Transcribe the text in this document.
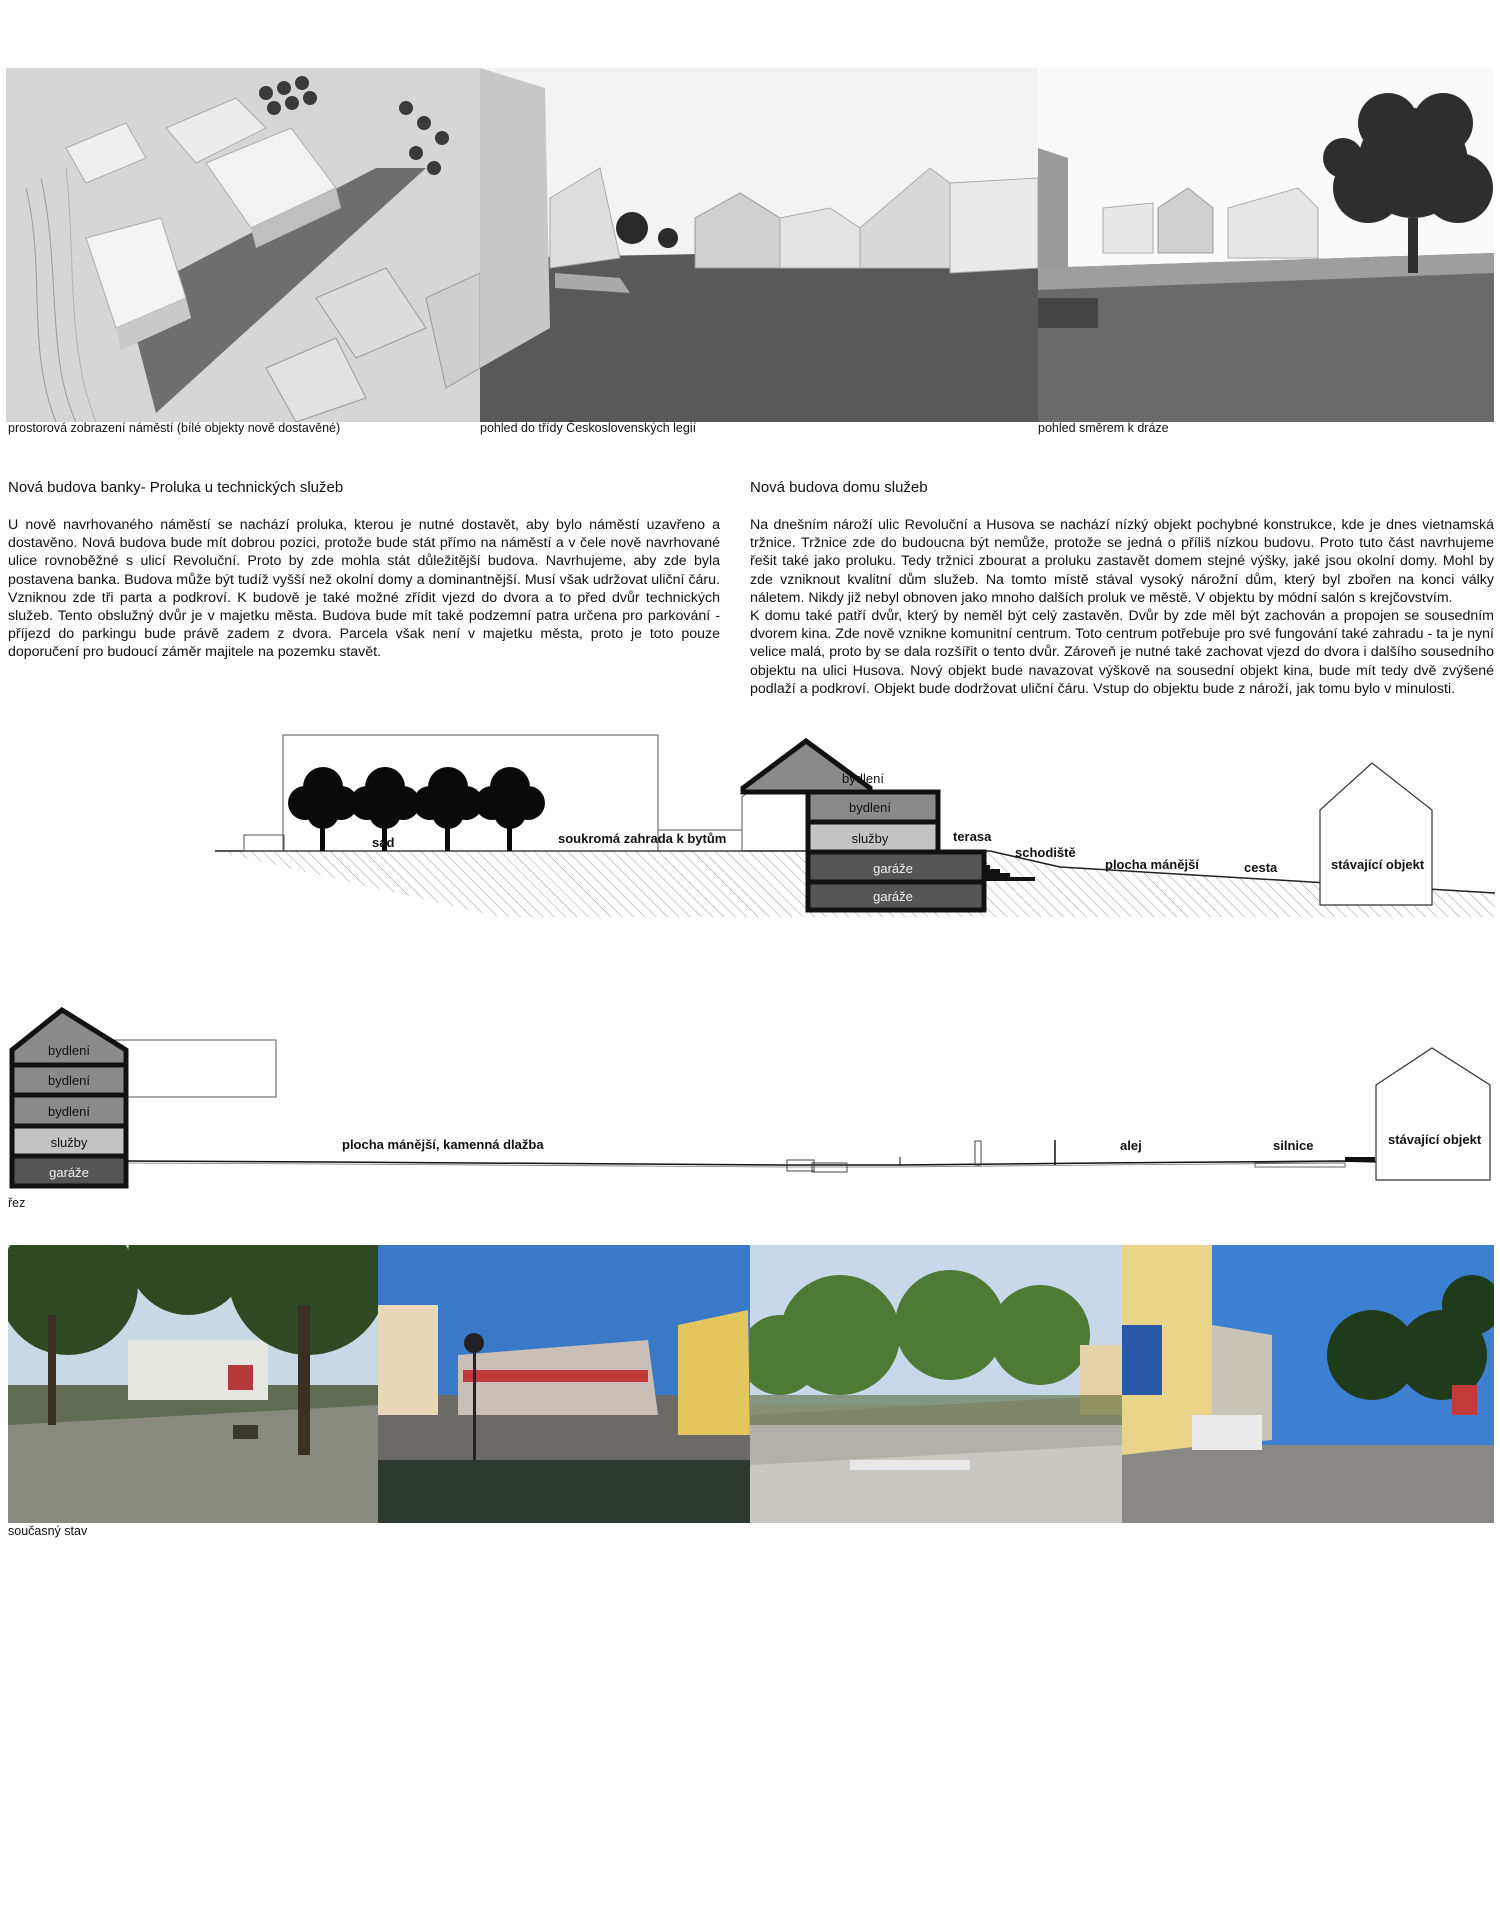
prostorová zobrazení náměstí (bílé objekty nově dostavěné)	pohled do třídy Československých legií	pohled směrem k dráze
Nová budova banky- Proluka u technických služeb

U nově navrhovaného náměstí se nachází proluka, kterou je nutné dostavět, aby bylo náměstí uzavřeno a dostavěno. Nová budova bude mít dobrou pozici, protože bude stát přímo na náměstí a v čele nově navrhované ulice rovnoběžné s ulicí Revoluční. Proto by zde mohla stát důležitější budova. Navrhujeme, aby zde byla postavena banka. Budova může být tudíž vyšší než okolní domy a dominantnější. Musí však udržovat uliční čáru. Vzniknou zde tři parta a podkroví. K budově je také možné zřídit vjezd do dvora a to před dvůr technických služeb. Tento obslužný dvůr je v majetku města. Budova bude mít také podzemní patra určena pro parkování - příjezd do parkingu bude právě zadem z dvora. Parcela však není v majetku města, proto je toto pouze doporučení pro budoucí záměr majitele na pozemku stavět.

Nová budova domu služeb

Na dnešním nároží ulic Revoluční a Husova se nachází nízký objekt pochybné konstrukce, kde je dnes vietnamská tržnice. Tržnice zde do budoucna být nemůže, protože se jedná o příliš nízkou budovu. Proto tuto část navrhujeme řešit také jako proluku. Tedy tržnici zbourat a proluku zastavět domem stejné výšky, jaké jsou okolní domy. Mohl by zde vzniknout kvalitní dům služeb. Na tomto místě stával vysoký nárožní dům, který byl zbořen na konci války náletem. Nikdy již nebyl obnoven jako mnoho dalších proluk ve městě. V objektu by módní salón s krejčovstvím.

K domu také patří dvůr, který by neměl být celý zastavěn. Dvůr by zde měl být zachován a propojen se sousedním dvorem kina. Zde nově vznikne komunitní centrum. Toto centrum potřebuje pro své fungování také zahradu - ta je nyní velice malá, proto by se dala rozšířit o tento dvůr. Zároveň je nutné také zachovat vjezd do dvora i dalšího sousedního objektu na ulici Husova. Nový objekt bude navazovat výškově na sousední objekt kina, bude mít tedy dvě zvýšené podlaží a podkroví. Objekt bude dodržovat uliční čáru. Vstup do objektu bude z nároží, jak tomu bylo v minulosti.

bydlení
bydlení
služby
garáže
garáže
sad	soukromá zahrada k bytům	terasa
schodiště
plocha mánější	cesta	stávající objekt
bydlení
bydlení
bydlení
služby
garáže
plocha mánější, kamenná dlažba	alej	silnice	stávající objekt
řez
současný stav
